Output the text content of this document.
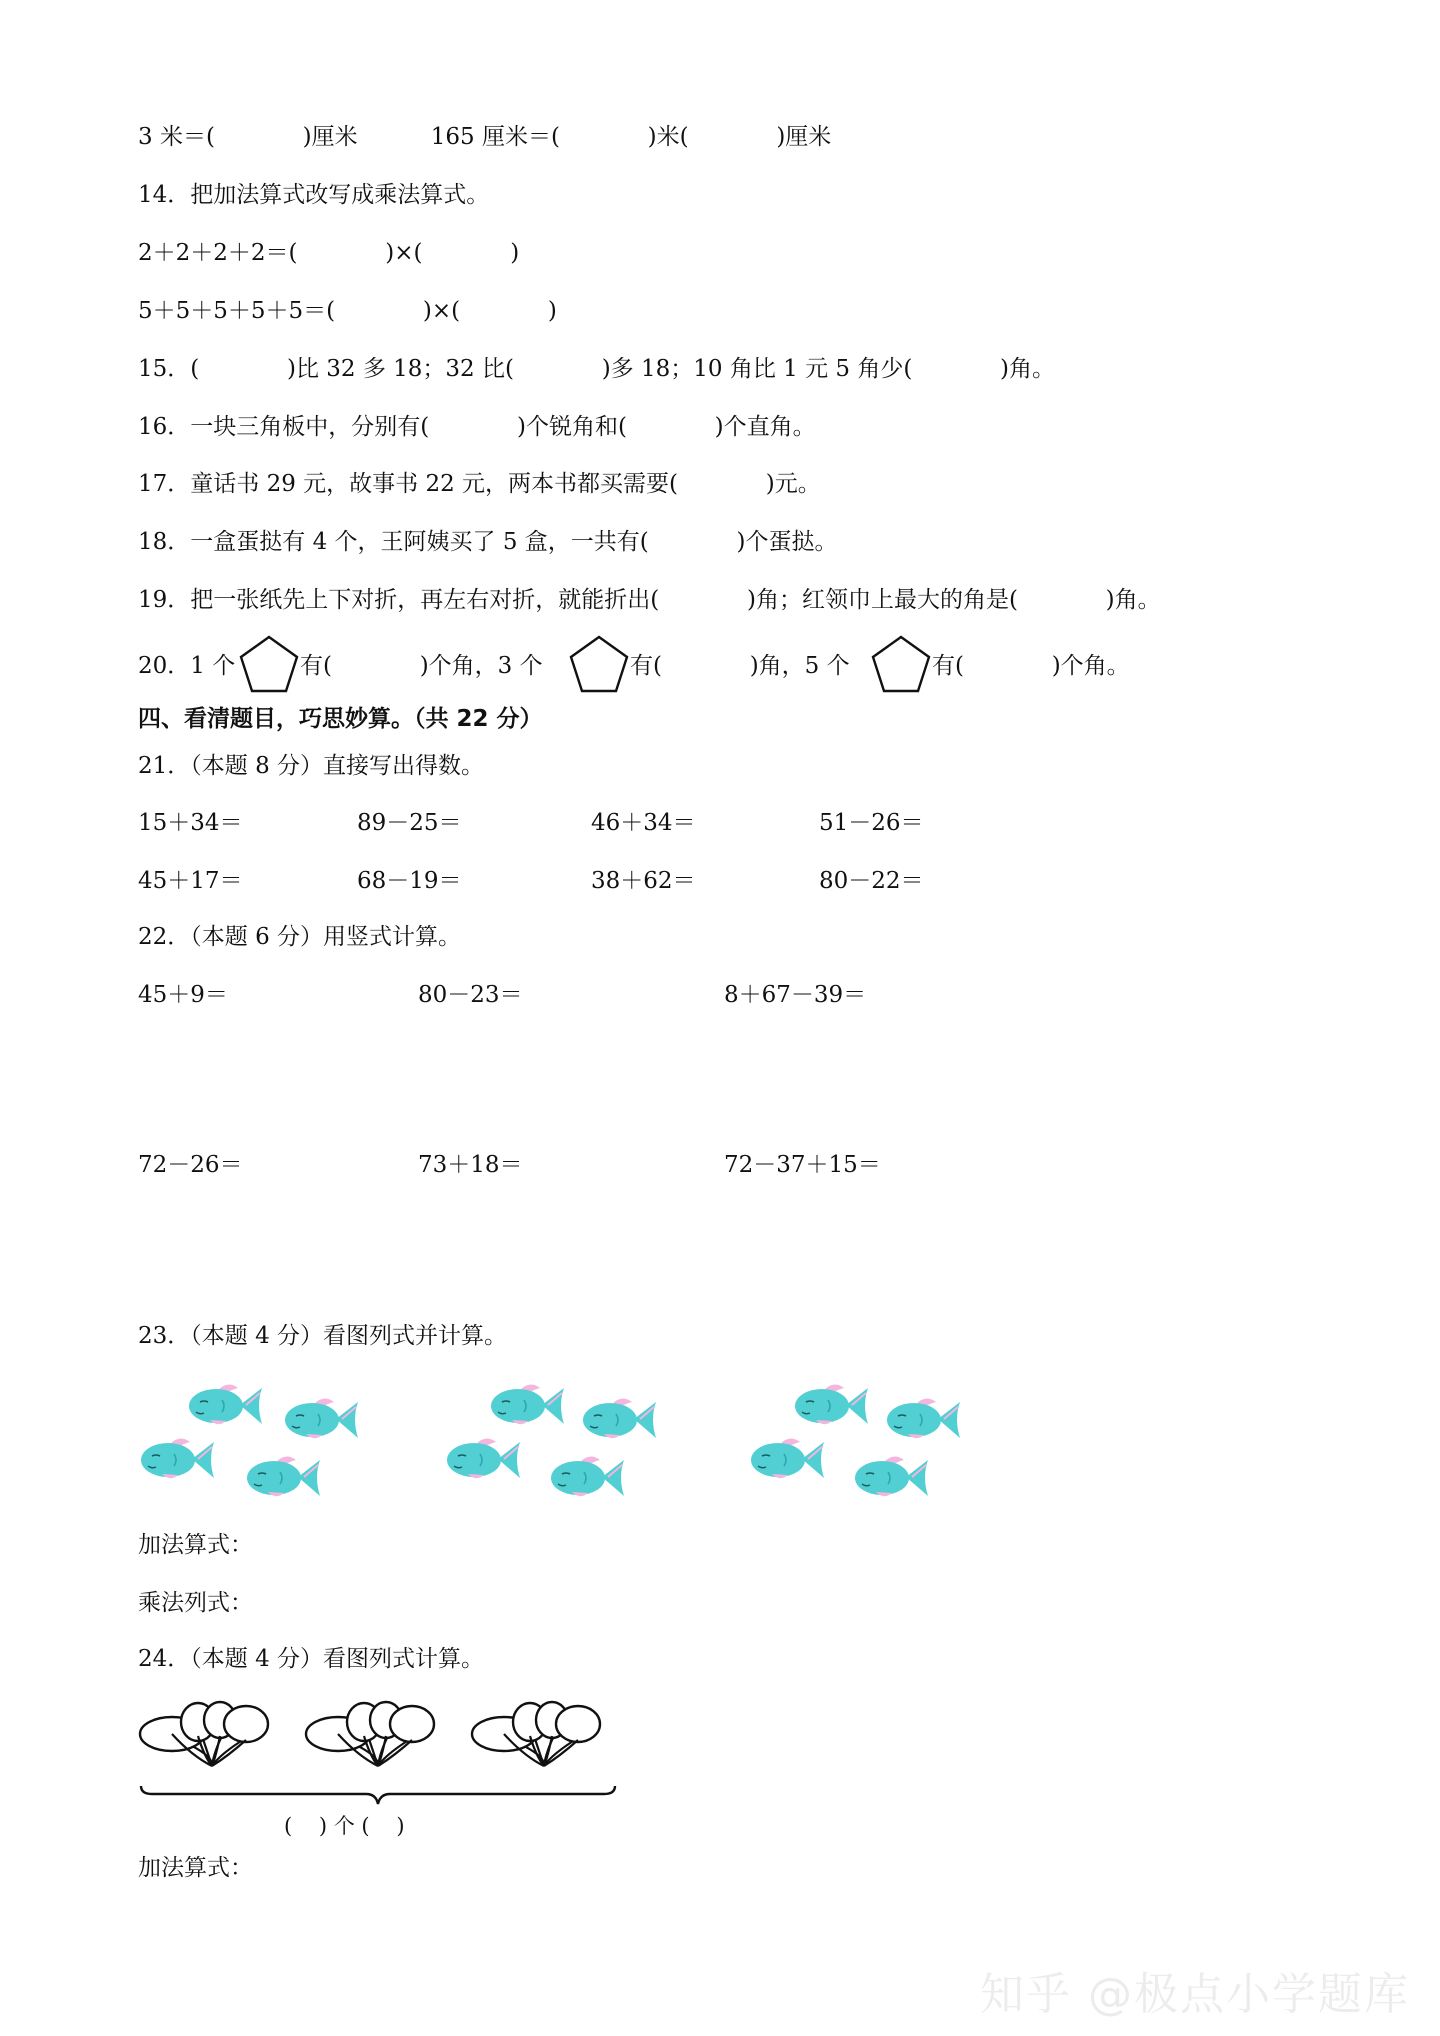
3 米＝(            )厘米          165 厘米＝(            )米(            )厘米
14．把加法算式改写成乘法算式。
2＋2＋2＋2＝(            )×(            )
5＋5＋5＋5＋5＝(            )×(            )
15．(            )比 32 多 18；32 比(            )多 18；10 角比 1 元 5 角少(            )角。
16．一块三角板中，分别有(            )个锐角和(            )个直角。
17．童话书 29 元，故事书 22 元，两本书都买需要(            )元。
18．一盒蛋挞有 4 个，王阿姨买了 5 盒，一共有(            )个蛋挞。
19．把一张纸先上下对折，再左右对折，就能折出(            )角；红领巾上最大的角是(            )角。
20．1 个	有(            )个角，3 个	有(            )角，5 个	有(            )个角。
四、看清题目，巧思妙算。（共 22 分）
21．（本题 8 分）直接写出得数。
15＋34＝	89－25＝	46＋34＝	51－26＝
45＋17＝	68－19＝	38＋62＝	80－22＝
22．（本题 6 分）用竖式计算。
45＋9＝	80－23＝	8＋67－39＝
72－26＝	73＋18＝	72－37＋15＝
23．（本题 4 分）看图列式并计算。
加法算式：
乘法列式：
24．（本题 4 分）看图列式计算。
(    ) 个 (    )
加法算式：
知乎 @极点小学题库
